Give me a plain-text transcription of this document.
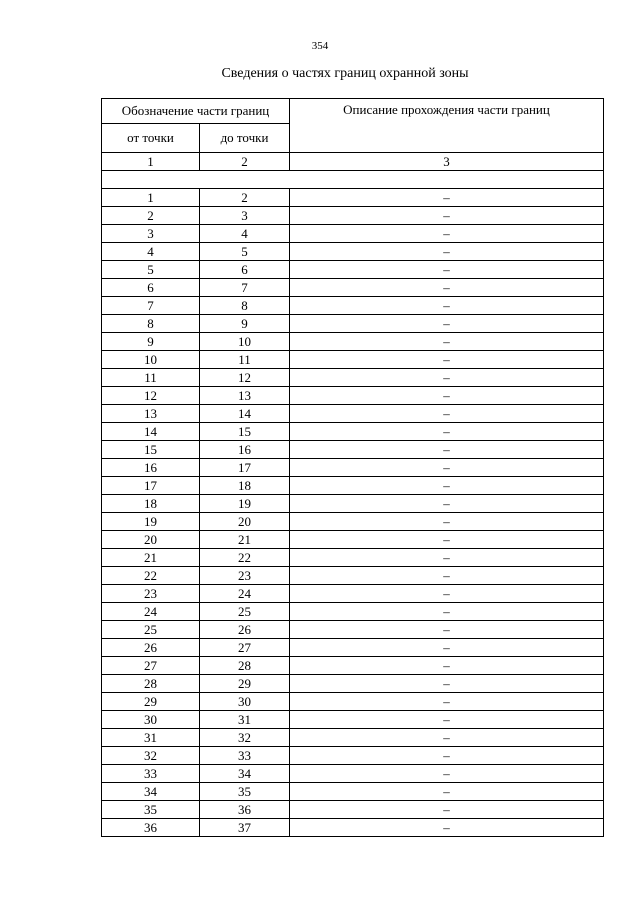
354
Сведения о частях границ охранной зоны
Обозначение части границ		Описание прохождения части границ
от точки	до точки	
1	2	3

1	2	–
2	3	–
3	4	–
4	5	–
5	6	–
6	7	–
7	8	–
8	9	–
9	10	–
10	11	–
11	12	–
12	13	–
13	14	–
14	15	–
15	16	–
16	17	–
17	18	–
18	19	–
19	20	–
20	21	–
21	22	–
22	23	–
23	24	–
24	25	–
25	26	–
26	27	–
27	28	–
28	29	–
29	30	–
30	31	–
31	32	–
32	33	–
33	34	–
34	35	–
35	36	–
36	37	–
